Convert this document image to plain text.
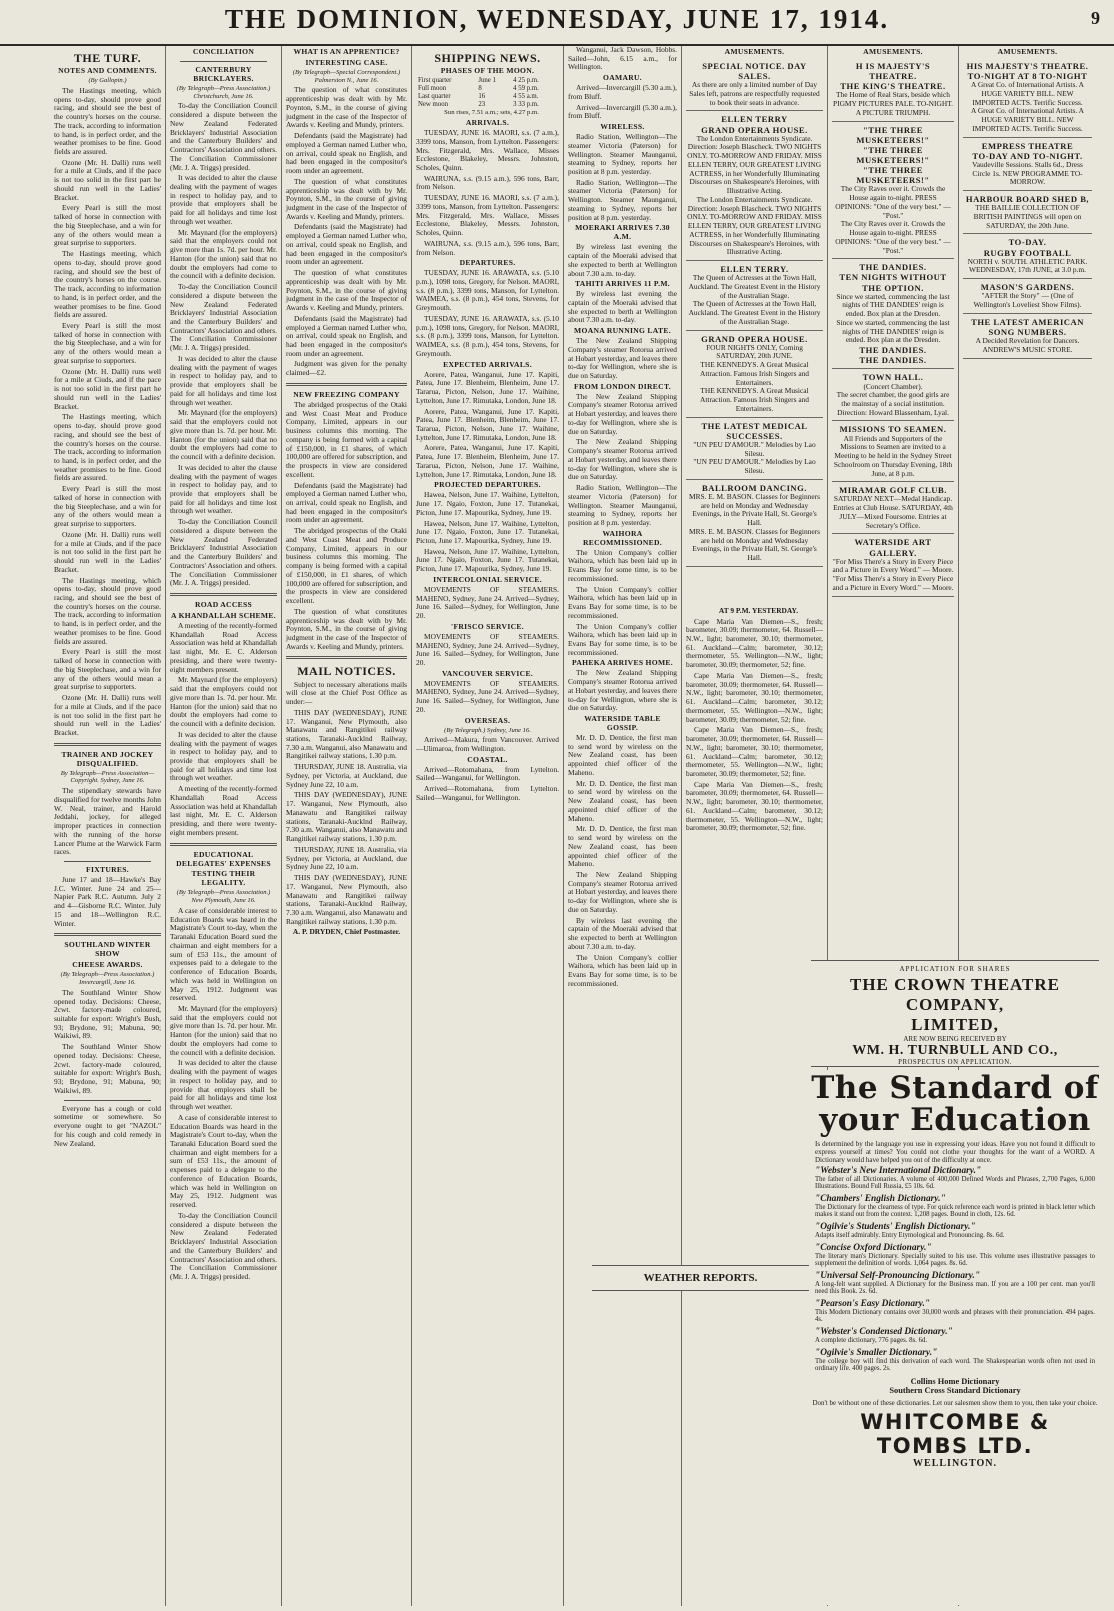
THE DOMINION, WEDNESDAY, JUNE 17, 1914.	9
THE TURF.
NOTES AND COMMENTS.
(By Gallopin.)

The Hastings meeting, which opens to-day, should prove good racing, and should see the best of the country's horses on the course. The track, according to information to hand, is in perfect order, and the weather promises to be fine. Good fields are assured.

Ozone (Mr. H. Dalli) runs well for a mile at Ciuds, and if the pace is not too solid in the first part he should run well in the Ladies' Bracket.

Every Pearl is still the most talked of horse in connection with the big Steeplechase, and a win for any of the others would mean a great surprise to supporters.

The Hastings meeting, which opens to-day, should prove good racing, and should see the best of the country's horses on the course. The track, according to information to hand, is in perfect order, and the weather promises to be fine. Good fields are assured.

Every Pearl is still the most talked of horse in connection with the big Steeplechase, and a win for any of the others would mean a great surprise to supporters.

Ozone (Mr. H. Dalli) runs well for a mile at Ciuds, and if the pace is not too solid in the first part he should run well in the Ladies' Bracket.

The Hastings meeting, which opens to-day, should prove good racing, and should see the best of the country's horses on the course. The track, according to information to hand, is in perfect order, and the weather promises to be fine. Good fields are assured.

Every Pearl is still the most talked of horse in connection with the big Steeplechase, and a win for any of the others would mean a great surprise to supporters.

Ozone (Mr. H. Dalli) runs well for a mile at Ciuds, and if the pace is not too solid in the first part he should run well in the Ladies' Bracket.

The Hastings meeting, which opens to-day, should prove good racing, and should see the best of the country's horses on the course. The track, according to information to hand, is in perfect order, and the weather promises to be fine. Good fields are assured.

Every Pearl is still the most talked of horse in connection with the big Steeplechase, and a win for any of the others would mean a great surprise to supporters.

Ozone (Mr. H. Dalli) runs well for a mile at Ciuds, and if the pace is not too solid in the first part he should run well in the Ladies' Bracket.

TRAINER AND JOCKEY DISQUALIFIED.
By Telegraph—Press Association—Copyright. Sydney, June 16.

The stipendiary stewards have disqualified for twelve months John W. Neal, trainer, and Harold Jeddahi, jockey, for alleged improper practices in connection with the running of the horse Lancer Plume at the Warwick Farm races.

FIXTURES.

June 17 and 18—Hawke's Bay J.C. Winter. June 24 and 25—Napier Park R.C. Autumn. July 2 and 4—Gisborne R.C. Winter. July 15 and 18—Wellington R.C. Winter.

SOUTHLAND WINTER SHOW
CHEESE AWARDS.
(By Telegraph—Press Association.) Invercargill, June 16.

The Southland Winter Show opened today. Decisions: Cheese, 2cwt. factory-made coloured, suitable for export: Wright's Bush, 93; Brydone, 91; Mabuna, 90; Waikiwi, 89.

The Southland Winter Show opened today. Decisions: Cheese, 2cwt. factory-made coloured, suitable for export: Wright's Bush, 93; Brydone, 91; Mabuna, 90; Waikiwi, 89.

Everyone has a cough or cold sometime or somewhere. So everyone ought to get "NAZOL" for his cough and cold remedy in New Zealand.

CONCILIATION
CANTERBURY BRICKLAYERS.
(By Telegraph—Press Association.) Christchurch, June 16.

To-day the Conciliation Council considered a dispute between the New Zealand Federated Bricklayers' Industrial Association and the Canterbury Builders' and Contractors' Association and others. The Conciliation Commissioner (Mr. J. A. Triggs) presided.

It was decided to alter the clause dealing with the payment of wages in respect to holiday pay, and to provide that employers shall be paid for all holidays and time lost through wet weather.

Mr. Maynard (for the employers) said that the employers could not give more than 1s. 7d. per hour. Mr. Hanton (for the union) said that no doubt the employers had come to the council with a definite decision.

To-day the Conciliation Council considered a dispute between the New Zealand Federated Bricklayers' Industrial Association and the Canterbury Builders' and Contractors' Association and others. The Conciliation Commissioner (Mr. J. A. Triggs) presided.

It was decided to alter the clause dealing with the payment of wages in respect to holiday pay, and to provide that employers shall be paid for all holidays and time lost through wet weather.

Mr. Maynard (for the employers) said that the employers could not give more than 1s. 7d. per hour. Mr. Hanton (for the union) said that no doubt the employers had come to the council with a definite decision.

It was decided to alter the clause dealing with the payment of wages in respect to holiday pay, and to provide that employers shall be paid for all holidays and time lost through wet weather.

To-day the Conciliation Council considered a dispute between the New Zealand Federated Bricklayers' Industrial Association and the Canterbury Builders' and Contractors' Association and others. The Conciliation Commissioner (Mr. J. A. Triggs) presided.

ROAD ACCESS
A KHANDALLAH SCHEME.

A meeting of the recently-formed Khandallah Road Access Association was held at Khandallah last night, Mr. E. C. Alderson presiding, and there were twenty-eight members present.

Mr. Maynard (for the employers) said that the employers could not give more than 1s. 7d. per hour. Mr. Hanton (for the union) said that no doubt the employers had come to the council with a definite decision.

It was decided to alter the clause dealing with the payment of wages in respect to holiday pay, and to provide that employers shall be paid for all holidays and time lost through wet weather.

A meeting of the recently-formed Khandallah Road Access Association was held at Khandallah last night, Mr. E. C. Alderson presiding, and there were twenty-eight members present.

EDUCATIONAL DELEGATES' EXPENSES
TESTING THEIR LEGALITY.
(By Telegraph—Press Association.) New Plymouth, June 16.

A case of considerable interest to Education Boards was heard in the Magistrate's Court to-day, when the Taranaki Education Board sued the chairman and eight members for a sum of £53 11s., the amount of expenses paid to a delegate to the conference of Education Boards, which was held in Wellington on May 25, 1912. Judgment was reserved.

Mr. Maynard (for the employers) said that the employers could not give more than 1s. 7d. per hour. Mr. Hanton (for the union) said that no doubt the employers had come to the council with a definite decision.

It was decided to alter the clause dealing with the payment of wages in respect to holiday pay, and to provide that employers shall be paid for all holidays and time lost through wet weather.

A case of considerable interest to Education Boards was heard in the Magistrate's Court to-day, when the Taranaki Education Board sued the chairman and eight members for a sum of £53 11s., the amount of expenses paid to a delegate to the conference of Education Boards, which was held in Wellington on May 25, 1912. Judgment was reserved.

To-day the Conciliation Council considered a dispute between the New Zealand Federated Bricklayers' Industrial Association and the Canterbury Builders' and Contractors' Association and others. The Conciliation Commissioner (Mr. J. A. Triggs) presided.

WHAT IS AN APPRENTICE?
INTERESTING CASE.
(By Telegraph—Special Correspondent.) Palmerston N., June 16.

The question of what constitutes apprenticeship was dealt with by Mr. Poynton, S.M., in the course of giving judgment in the case of the Inspector of Awards v. Keeling and Mundy, printers.

Defendants (said the Magistrate) had employed a German named Luther who, on arrival, could speak no English, and had been engaged in the compositor's room under an agreement.

The question of what constitutes apprenticeship was dealt with by Mr. Poynton, S.M., in the course of giving judgment in the case of the Inspector of Awards v. Keeling and Mundy, printers.

Defendants (said the Magistrate) had employed a German named Luther who, on arrival, could speak no English, and had been engaged in the compositor's room under an agreement.

The question of what constitutes apprenticeship was dealt with by Mr. Poynton, S.M., in the course of giving judgment in the case of the Inspector of Awards v. Keeling and Mundy, printers.

Defendants (said the Magistrate) had employed a German named Luther who, on arrival, could speak no English, and had been engaged in the compositor's room under an agreement.

Judgment was given for the penalty claimed—£2.

NEW FREEZING COMPANY

The abridged prospectus of the Otaki and West Coast Meat and Produce Company, Limited, appears in our business columns this morning. The company is being formed with a capital of £150,000, in £1 shares, of which 100,000 are offered for subscription, and the prospects in view are considered excellent.

Defendants (said the Magistrate) had employed a German named Luther who, on arrival, could speak no English, and had been engaged in the compositor's room under an agreement.

The abridged prospectus of the Otaki and West Coast Meat and Produce Company, Limited, appears in our business columns this morning. The company is being formed with a capital of £150,000, in £1 shares, of which 100,000 are offered for subscription, and the prospects in view are considered excellent.

The question of what constitutes apprenticeship was dealt with by Mr. Poynton, S.M., in the course of giving judgment in the case of the Inspector of Awards v. Keeling and Mundy, printers.

MAIL NOTICES.

Subject to necessary alterations mails will close at the Chief Post Office as under:—

THIS DAY (WEDNESDAY), JUNE 17. Wanganui, New Plymouth, also Manawatu and Rangitikei railway stations, Taranaki-Aucklnd Railway, 7.30 a.m. Wanganui, also Manawatu and Rangitikei railway stations, 1.30 p.m.

THURSDAY, JUNE 18. Australia, via Sydney, per Victoria, at Auckland, due Sydney June 22, 10 a.m.

THIS DAY (WEDNESDAY), JUNE 17. Wanganui, New Plymouth, also Manawatu and Rangitikei railway stations, Taranaki-Aucklnd Railway, 7.30 a.m. Wanganui, also Manawatu and Rangitikei railway stations, 1.30 p.m.

THURSDAY, JUNE 18. Australia, via Sydney, per Victoria, at Auckland, due Sydney June 22, 10 a.m.

THIS DAY (WEDNESDAY), JUNE 17. Wanganui, New Plymouth, also Manawatu and Rangitikei railway stations, Taranaki-Aucklnd Railway, 7.30 a.m. Wanganui, also Manawatu and Rangitikei railway stations, 1.30 p.m.

A. P. DRYDEN, Chief Postmaster.
SHIPPING NEWS.
PHASES OF THE MOON.
First quarter	June 1	4 25 p.m.
Full moon	8	4 59 p.m.
Last quarter	16	4 55 a.m.
New moon	23	3 33 p.m.

Sun rises, 7.51 a.m.; sets, 4.27 p.m.

ARRIVALS.

TUESDAY, JUNE 16. MAORI, s.s. (7 a.m.), 3399 tons, Manson, from Lyttelton. Passengers: Mrs. Fitzgerald, Mrs. Wallace, Misses Ecclestone, Blakeley, Messrs. Johnston, Scholes, Quinn.

WAIRUNA, s.s. (9.15 a.m.), 596 tons, Barr, from Nelson.

TUESDAY, JUNE 16. MAORI, s.s. (7 a.m.), 3399 tons, Manson, from Lyttelton. Passengers: Mrs. Fitzgerald, Mrs. Wallace, Misses Ecclestone, Blakeley, Messrs. Johnston, Scholes, Quinn.

WAIRUNA, s.s. (9.15 a.m.), 596 tons, Barr, from Nelson.

DEPARTURES.

TUESDAY, JUNE 16. ARAWATA, s.s. (5.10 p.m.), 1098 tons, Gregory, for Nelson. MAORI, s.s. (8 p.m.), 3399 tons, Manson, for Lyttelton. WAIMEA, s.s. (8 p.m.), 454 tons, Stevens, for Greymouth.

TUESDAY, JUNE 16. ARAWATA, s.s. (5.10 p.m.), 1098 tons, Gregory, for Nelson. MAORI, s.s. (8 p.m.), 3399 tons, Manson, for Lyttelton. WAIMEA, s.s. (8 p.m.), 454 tons, Stevens, for Greymouth.

EXPECTED ARRIVALS.

Aorere, Patea, Wanganui, June 17. Kapiti, Patea, June 17. Blenheim, Blenheim, June 17. Tararua, Picton, Nelson, June 17. Waihine, Lyttelton, June 17. Rimutaka, London, June 18.

Aorere, Patea, Wanganui, June 17. Kapiti, Patea, June 17. Blenheim, Blenheim, June 17. Tararua, Picton, Nelson, June 17. Waihine, Lyttelton, June 17. Rimutaka, London, June 18.

Aorere, Patea, Wanganui, June 17. Kapiti, Patea, June 17. Blenheim, Blenheim, June 17. Tararua, Picton, Nelson, June 17. Waihine, Lyttelton, June 17. Rimutaka, London, June 18.

PROJECTED DEPARTURES.

Hawea, Nelson, June 17. Waihine, Lyttelton, June 17. Ngaio, Foxton, June 17. Tutanekai, Picton, June 17. Mapourika, Sydney, June 19.

Hawea, Nelson, June 17. Waihine, Lyttelton, June 17. Ngaio, Foxton, June 17. Tutanekai, Picton, June 17. Mapourika, Sydney, June 19.

Hawea, Nelson, June 17. Waihine, Lyttelton, June 17. Ngaio, Foxton, June 17. Tutanekai, Picton, June 17. Mapourika, Sydney, June 19.

INTERCOLONIAL SERVICE.

MOVEMENTS OF STEAMERS. MAHENO, Sydney, June 24. Arrived—Sydney, June 16. Sailed—Sydney, for Wellington, June 20.

'FRISCO SERVICE.

MOVEMENTS OF STEAMERS. MAHENO, Sydney, June 24. Arrived—Sydney, June 16. Sailed—Sydney, for Wellington, June 20.

VANCOUVER SERVICE.

MOVEMENTS OF STEAMERS. MAHENO, Sydney, June 24. Arrived—Sydney, June 16. Sailed—Sydney, for Wellington, June 20.

OVERSEAS.
(By Telegraph.) Sydney, June 16.

Arrived—Makura, from Vancouver. Arrived—Ulimaroa, from Wellington.

COASTAL.

Arrived—Rotomahana, from Lyttelton. Sailed—Wanganui, for Wellington.

Arrived—Rotomahana, from Lyttelton. Sailed—Wanganui, for Wellington.

Wanganui, Jack Dawson, Hobbs. Sailed—John, 6.15 a.m., for Wellington.

OAMARU.

Arrived—Invercargill (5.30 a.m.), from Bluff.

Arrived—Invercargill (5.30 a.m.), from Bluff.

WIRELESS.

Radio Station, Wellington—The steamer Victoria (Paterson) for Wellington. Steamer Maunganui, steaming to Sydney, reports her position at 8 p.m. yesterday.

Radio Station, Wellington—The steamer Victoria (Paterson) for Wellington. Steamer Maunganui, steaming to Sydney, reports her position at 8 p.m. yesterday.

MOERAKI ARRIVES 7.30 A.M.

By wireless last evening the captain of the Moeraki advised that she expected to berth at Wellington about 7.30 a.m. to-day.

TAHITI ARRIVES 11 P.M.

By wireless last evening the captain of the Moeraki advised that she expected to berth at Wellington about 7.30 a.m. to-day.

MOANA RUNNING LATE.

The New Zealand Shipping Company's steamer Rotorua arrived at Hobart yesterday, and leaves there to-day for Wellington, where she is due on Saturday.

FROM LONDON DIRECT.

The New Zealand Shipping Company's steamer Rotorua arrived at Hobart yesterday, and leaves there to-day for Wellington, where she is due on Saturday.

The New Zealand Shipping Company's steamer Rotorua arrived at Hobart yesterday, and leaves there to-day for Wellington, where she is due on Saturday.

Radio Station, Wellington—The steamer Victoria (Paterson) for Wellington. Steamer Maunganui, steaming to Sydney, reports her position at 8 p.m. yesterday.

WAIHORA RECOMMISSIONED.

The Union Company's collier Waihora, which has been laid up in Evans Bay for some time, is to be recommissioned.

The Union Company's collier Waihora, which has been laid up in Evans Bay for some time, is to be recommissioned.

The Union Company's collier Waihora, which has been laid up in Evans Bay for some time, is to be recommissioned.

PAHEKA ARRIVES HOME.

The New Zealand Shipping Company's steamer Rotorua arrived at Hobart yesterday, and leaves there to-day for Wellington, where she is due on Saturday.

WATERSIDE TABLE GOSSIP.

Mr. D. D. Dentice, the first man to send word by wireless on the New Zealand coast, has been appointed chief officer of the Maheno.

Mr. D. D. Dentice, the first man to send word by wireless on the New Zealand coast, has been appointed chief officer of the Maheno.

Mr. D. D. Dentice, the first man to send word by wireless on the New Zealand coast, has been appointed chief officer of the Maheno.

The New Zealand Shipping Company's steamer Rotorua arrived at Hobart yesterday, and leaves there to-day for Wellington, where she is due on Saturday.

By wireless last evening the captain of the Moeraki advised that she expected to berth at Wellington about 7.30 a.m. to-day.

The Union Company's collier Waihora, which has been laid up in Evans Bay for some time, is to be recommissioned.

AMUSEMENTS.
SPECIAL NOTICE. DAY SALES.
As there are only a limited number of Day Sales left, patrons are respectfully requested to book their seats in advance.
ELLEN TERRY
GRAND OPERA HOUSE.
The London Entertainments Syndicate. Direction: Joseph Blascheck. TWO NIGHTS ONLY. TO-MORROW AND FRIDAY. MISS ELLEN TERRY, OUR GREATEST LIVING ACTRESS, in her Wonderfully Illuminating Discourses on Shakespeare's Heroines, with Illustrative Acting.
The London Entertainments Syndicate. Direction: Joseph Blascheck. TWO NIGHTS ONLY. TO-MORROW AND FRIDAY. MISS ELLEN TERRY, OUR GREATEST LIVING ACTRESS, in her Wonderfully Illuminating Discourses on Shakespeare's Heroines, with Illustrative Acting.
ELLEN TERRY.
The Queen of Actresses at the Town Hall, Auckland. The Greatest Event in the History of the Australian Stage.
The Queen of Actresses at the Town Hall, Auckland. The Greatest Event in the History of the Australian Stage.
GRAND OPERA HOUSE.
FOUR NIGHTS ONLY, Coming SATURDAY, 20th JUNE.
THE KENNEDYS. A Great Musical Attraction. Famous Irish Singers and Entertainers.
THE KENNEDYS. A Great Musical Attraction. Famous Irish Singers and Entertainers.
THE LATEST MEDICAL SUCCESSES.
"UN PEU D'AMOUR." Melodies by Lao Silesu.
"UN PEU D'AMOUR." Melodies by Lao Silesu.
BALLROOM DANCING.
MRS. E. M. BASON. Classes for Beginners are held on Monday and Wednesday Evenings, in the Private Hall, St. George's Hall.
MRS. E. M. BASON. Classes for Beginners are held on Monday and Wednesday Evenings, in the Private Hall, St. George's Hall.

AT 9 P.M. YESTERDAY.

Cape Maria Van Diemen—S., fresh; barometer, 30.09; thermometer, 64. Russell—N.W., light; barometer, 30.10; thermometer, 61. Auckland—Calm; barometer, 30.12; thermometer, 55. Wellington—N.W., light; barometer, 30.09; thermometer, 52; fine.

Cape Maria Van Diemen—S., fresh; barometer, 30.09; thermometer, 64. Russell—N.W., light; barometer, 30.10; thermometer, 61. Auckland—Calm; barometer, 30.12; thermometer, 55. Wellington—N.W., light; barometer, 30.09; thermometer, 52; fine.

Cape Maria Van Diemen—S., fresh; barometer, 30.09; thermometer, 64. Russell—N.W., light; barometer, 30.10; thermometer, 61. Auckland—Calm; barometer, 30.12; thermometer, 55. Wellington—N.W., light; barometer, 30.09; thermometer, 52; fine.

Cape Maria Van Diemen—S., fresh; barometer, 30.09; thermometer, 64. Russell—N.W., light; barometer, 30.10; thermometer, 61. Auckland—Calm; barometer, 30.12; thermometer, 55. Wellington—N.W., light; barometer, 30.09; thermometer, 52; fine.

AMUSEMENTS.
H IS MAJESTY'S THEATRE.
THE KING'S THEATRE.
The Home of Real Stars, beside which PIGMY PICTURES PALE. TO-NIGHT. A PICTURE TRIUMPH.
"THE THREE MUSKETEERS!"
"THE THREE MUSKETEERS!"
"THE THREE MUSKETEERS!"
The City Raves over it. Crowds the House again to-night. PRESS OPINIONS: "One of the very best." — "Post."
The City Raves over it. Crowds the House again to-night. PRESS OPINIONS: "One of the very best." — "Post."
THE DANDIES.
TEN NIGHTS WITHOUT THE OPTION.
Since we started, commencing the last nights of THE DANDIES' reign is ended. Box plan at the Dresden.
Since we started, commencing the last nights of THE DANDIES' reign is ended. Box plan at the Dresden.
THE DANDIES.
THE DANDIES.
TOWN HALL.
(Concert Chamber).
The secret chamber, the good girls are the mainstay of a social institution. Direction: Howard Blassenham, Lyal.
MISSIONS TO SEAMEN.
All Friends and Supporters of the Missions to Seamen are invited to a Meeting to be held in the Sydney Street Schoolroom on Thursday Evening, 18th June, at 8 p.m.
MIRAMAR GOLF CLUB.
SATURDAY NEXT—Medal Handicap. Entries at Club House. SATURDAY, 4th JULY—Mixed Foursome. Entries at Secretary's Office.
WATERSIDE ART GALLERY.
"For Miss There's a Story in Every Piece and a Picture in Every Word." — Moore.
"For Miss There's a Story in Every Piece and a Picture in Every Word." — Moore.
AMUSEMENTS.
HIS MAJESTY'S THEATRE.
TO-NIGHT AT 8 TO-NIGHT
A Great Co. of International Artists. A HUGE VARIETY BILL. NEW IMPORTED ACTS. Terrific Success.
A Great Co. of International Artists. A HUGE VARIETY BILL. NEW IMPORTED ACTS. Terrific Success.
EMPRESS THEATRE
TO-DAY AND TO-NIGHT.
Vaudeville Sessions. Stalls 6d., Dress Circle 1s. NEW PROGRAMME TO-MORROW.
HARBOUR BOARD SHED B,
THE BAILLIE COLLECTION OF BRITISH PAINTINGS will open on SATURDAY, the 20th June.
TO-DAY.
RUGBY FOOTBALL
NORTH v. SOUTH. ATHLETIC PARK. WEDNESDAY, 17th JUNE, at 3.0 p.m.
MASON'S GARDENS.
"AFTER the Story" — (One of Wellington's Loveliest Show Films).
THE LATEST AMERICAN SONG NUMBERS.
A Decided Revelation for Dancers. ANDREW'S MUSIC STORE.
WEATHER REPORTS.
APPLICATION FOR SHARES
THE CROWN THEATRE COMPANY,
LIMITED,
ARE NOW BEING RECEIVED BY
WM. H. TURNBULL AND CO.,
PROSPECTUS ON APPLICATION.
The Standard of your Education
Is determined by the language you use in expressing your ideas. Have you not found it difficult to express yourself at times? You could not clothe your thoughts for the want of a WORD. A Dictionary would have helped you out of the difficulty at once.
"Webster's New International Dictionary."
The father of all Dictionaries. A volume of 400,000 Defined Words and Phrases, 2,700 Pages, 6,000 Illustrations. Bound Full Russia, £5 10s. 6d.
"Chambers' English Dictionary."
The Dictionary for the clearness of type. For quick reference each word is printed in black letter which makes it stand out from the context. 1,208 pages. Bound in cloth, 12s. 6d.
"Ogilvie's Students' English Dictionary."
Adapts itself admirably. Entry Etymological and Pronouncing. 8s. 6d.
"Concise Oxford Dictionary."
The literary man's Dictionary. Specially suited to his use. This volume uses illustrative passages to supplement the definition of words. 1,064 pages. 8s. 6d.
"Universal Self-Pronouncing Dictionary."
A long-felt want supplied. A Dictionary for the Business man. If you are a 100 per cent. man you'll need this Book. 2s. 6d.
"Pearson's Easy Dictionary."
This Modern Dictionary contains over 30,000 words and phrases with their pronunciation. 494 pages. 4s.
"Webster's Condensed Dictionary."
A complete dictionary, 776 pages. 8s. 6d.
"Ogilvie's Smaller Dictionary."
The college boy will find this derivation of each word. The Shakespearian words often not used in ordinary life. 400 pages. 2s.
Collins Home Dictionary
Southern Cross Standard Dictionary
Don't be without one of these dictionaries. Let our salesmen show them to you, then take your choice.
WHITCOMBE & TOMBS LTD.
WELLINGTON.
